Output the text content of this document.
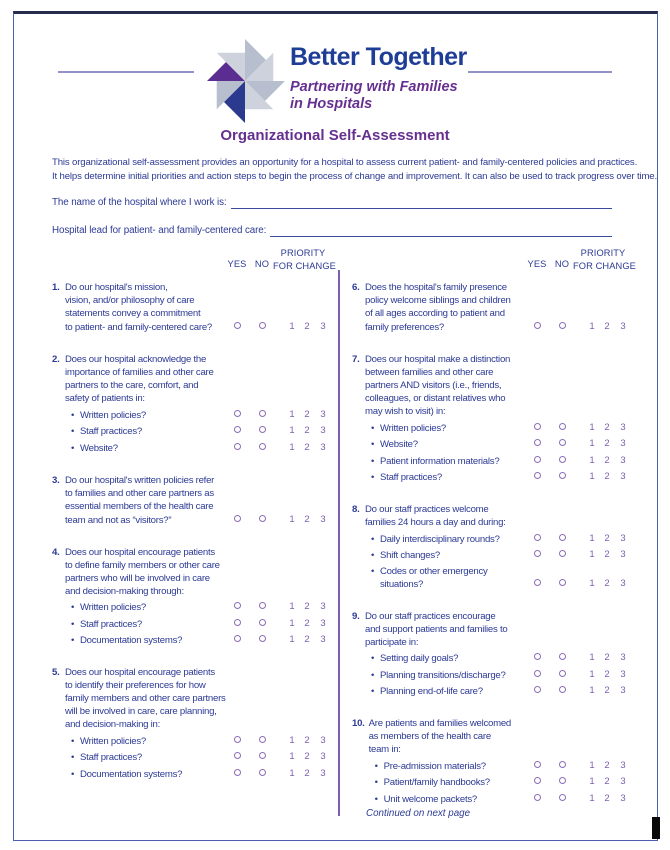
Better Together
Partnering with Families
in Hospitals
Organizational Self-Assessment
This organizational self-assessment provides an opportunity for a hospital to assess current patient- and family-centered policies and practices.
It helps determine initial priorities and action steps to begin the process of change and improvement. It can also be used to track progress over time.
The name of the hospital where I work is:
Hospital lead for patient- and family-centered care:
YES NO
PRIORITY
FOR CHANGE
1. Do our hospital's mission,
vision, and/or philosophy of care
statements convey a commitment
to patient- and family-centered care?	1	2	3
2. Does our hospital acknowledge the
importance of families and other care
partners to the care, comfort, and
safety of patients in:
• Written policies?	1	2	3
• Staff practices?	1	2	3
• Website?	1	2	3
3. Do our hospital's written policies refer
to families and other care partners as
essential members of the health care
team and not as “visitors?”	1	2	3
4. Does our hospital encourage patients
to define family members or other care
partners who will be involved in care
and decision-making through:
• Written policies?	1	2	3
• Staff practices?	1	2	3
• Documentation systems?	1	2	3
5. Does our hospital encourage patients
to identify their preferences for how
family members and other care partners
will be involved in care, care planning,
and decision-making in:
• Written policies?	1	2	3
• Staff practices?	1	2	3
• Documentation systems?	1	2	3
YES NO
PRIORITY
FOR CHANGE
6. Does the hospital's family presence
policy welcome siblings and children
of all ages according to patient and
family preferences?	1	2	3
7. Does our hospital make a distinction
between families and other care
partners AND visitors (i.e., friends,
colleagues, or distant relatives who
may wish to visit) in:
• Written policies?	1	2	3
• Website?	1	2	3
• Patient information materials?	1	2	3
• Staff practices?	1	2	3
8. Do our staff practices welcome
families 24 hours a day and during:
• Daily interdisciplinary rounds?	1	2	3
• Shift changes?	1	2	3
• Codes or other emergency
situations?	1	2	3
9. Do our staff practices encourage
and support patients and families to
participate in:
• Setting daily goals?	1	2	3
• Planning transitions/discharge?	1	2	3
• Planning end-of-life care?	1	2	3
10. Are patients and families welcomed
as members of the health care
team in:
• Pre-admission materials?	1	2	3
• Patient/family handbooks?	1	2	3
• Unit welcome packets?	1	2	3
Continued on next page
